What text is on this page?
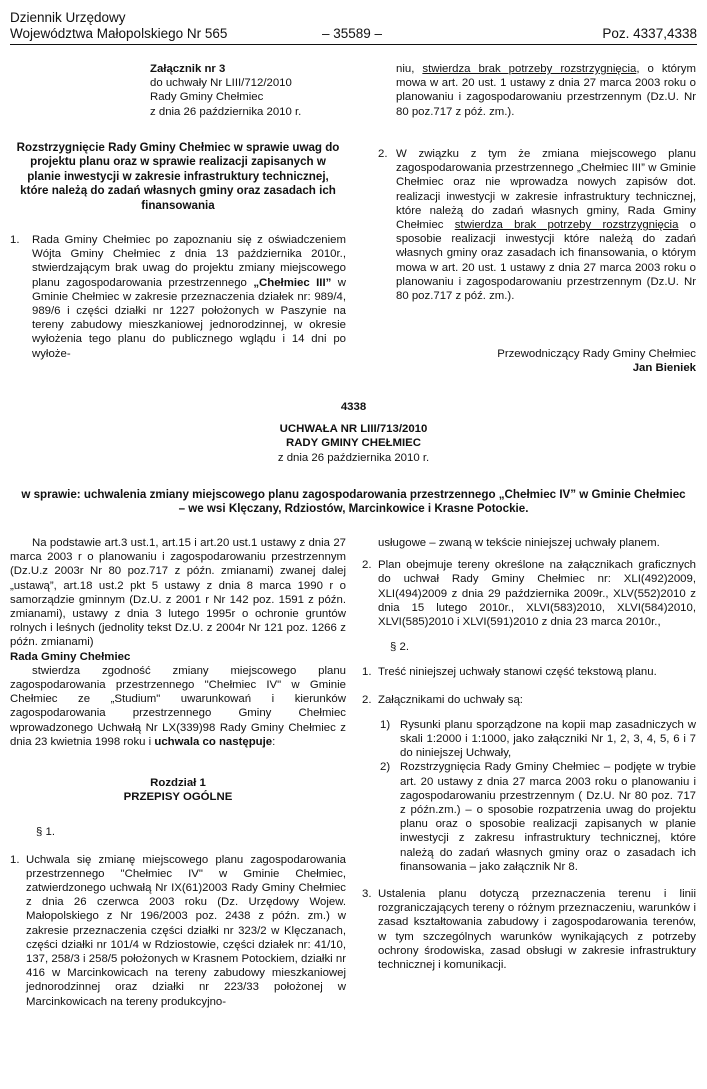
Dziennik Urzędowy
Województwa Małopolskiego Nr 565	– 35589 –	Poz. 4337,4338

Załącznik nr 3

do uchwały Nr LIII/712/2010

Rady Gminy Chełmiec

z dnia 26 października 2010 r.

Rozstrzygnięcie Rady Gminy Chełmiec w sprawie uwag do projektu planu oraz w sprawie realizacji zapisanych w planie inwestycji w zakresie infrastruktury technicznej, które należą do zadań własnych gminy oraz zasadach ich finansowania
1.	Rada Gminy Chełmiec po zapoznaniu się z oświadczeniem Wójta Gminy Chełmiec z dnia 13 października 2010r., stwierdzającym brak uwag do projektu zmiany miejscowego planu zagospodarowania przestrzennego „Chełmiec III” w Gminie Chełmiec w zakresie przeznaczenia działek nr: 989/4, 989/6 i części działki nr 1227 położonych w Paszynie na tereny zabudowy mieszkaniowej jednorodzinnej, w okresie wyłożenia tego planu do publicznego wglądu i 14 dni po wyłoże-

niu, stwierdza brak potrzeby rozstrzygnięcia, o którym mowa w art. 20 ust. 1 ustawy z dnia 27 marca 2003 roku o planowaniu i zagospodarowaniu przestrzennym (Dz.U. Nr 80 poz.717 z póź. zm.).

2. W związku z tym że zmiana miejscowego planu zagospodarowania przestrzennego „Chełmiec III” w Gminie Chełmiec oraz nie wprowadza nowych zapisów dot. realizacji inwestycji w zakresie infrastruktury technicznej, które należą do zadań własnych gminy, Rada Gminy Chełmiec stwierdza brak potrzeby rozstrzygnięcia o sposobie realizacji inwestycji które należą do zadań własnych gminy oraz zasadach ich finansowania, o którym mowa w art. 20 ust. 1 ustawy z dnia 27 marca 2003 roku o planowaniu i zagospodarowaniu przestrzennym (Dz.U. Nr 80 poz.717 z póź. zm.).

Przewodniczący Rady Gminy Chełmiec

Jan Bieniek

4338

UCHWAŁA NR LIII/713/2010

RADY GMINY CHEŁMIEC

z dnia 26 października 2010 r.

w sprawie: uchwalenia zmiany miejscowego planu zagospodarowania przestrzennego „Chełmiec IV” w Gminie Chełmiec – we wsi Klęczany, Rdziostów, Marcinkowice i Krasne Potockie.

Na podstawie art.3 ust.1, art.15 i art.20 ust.1 ustawy z dnia 27 marca 2003 r o planowaniu i zagospodarowaniu przestrzennym (Dz.U.z 2003r Nr 80 poz.717 z późn. zmianami) zwanej dalej „ustawą”, art.18 ust.2 pkt 5 ustawy z dnia 8 marca 1990 r o samorządzie gminnym (Dz.U. z 2001 r Nr 142 poz. 1591 z późn. zmianami), ustawy z dnia 3 lutego 1995r o ochronie gruntów rolnych i leśnych (jednolity tekst Dz.U. z 2004r Nr 121 poz. 1266 z późn. zmianami)

Rada Gminy Chełmiec

stwierdza zgodność zmiany miejscowego planu zagospodarowania przestrzennego "Chełmiec IV" w Gminie Chełmiec ze „Studium" uwarunkowań i kierunków zagospodarowania przestrzennego Gminy Chełmiec wprowadzonego Uchwałą Nr LX(339)98 Rady Gminy Chełmiec z dnia 23 kwietnia 1998 roku i uchwala co następuje:

Rozdział 1

PRZEPISY OGÓLNE

§ 1.

1. Uchwala się zmianę miejscowego planu zagospodarowania przestrzennego "Chełmiec IV" w Gminie Chełmiec, zatwierdzonego uchwałą Nr IX(61)2003 Rady Gminy Chełmiec z dnia 26 czerwca 2003 roku (Dz. Urzędowy Wojew. Małopolskiego z Nr 196/2003 poz. 2438 z późn. zm.) w zakresie przeznaczenia części działki nr 323/2 w Klęczanach, części działki nr 101/4 w Rdziostowie, części działek nr: 41/10, 137, 258/3 i 258/5 położonych w Krasnem Potockiem, działki nr 416 w Marcinkowicach na tereny zabudowy mieszkaniowej jednorodzinnej oraz działki nr 223/33 położonej w Marcinkowicach na tereny produkcyjno-

usługowe – zwaną w tekście niniejszej uchwały planem.

2. Plan obejmuje tereny określone na załącznikach graficznych do uchwał Rady Gminy Chełmiec nr: XLI(492)2009, XLI(494)2009 z dnia 29 października 2009r., XLV(552)2010 z dnia 15 lutego 2010r., XLVI(583)2010, XLVI(584)2010, XLVI(585)2010 i XLVI(591)2010 z dnia 23 marca 2010r.,

§ 2.

1. Treść niniejszej uchwały stanowi część tekstową planu.

2. Załącznikami do uchwały są:

1) Rysunki planu sporządzone na kopii map zasadniczych w skali 1:2000 i 1:1000, jako załączniki Nr 1, 2, 3, 4, 5, 6 i 7 do niniejszej Uchwały,

2) Rozstrzygnięcia Rady Gminy Chełmiec – podjęte w trybie art. 20 ustawy z dnia 27 marca 2003 roku o planowaniu i zagospodarowaniu przestrzennym ( Dz.U. Nr 80 poz. 717 z późn.zm.) – o sposobie rozpatrzenia uwag do projektu planu oraz o sposobie realizacji zapisanych w planie inwestycji z zakresu infrastruktury technicznej, które należą do zadań własnych gminy oraz o zasadach ich finansowania – jako załącznik Nr 8.

3. Ustalenia planu dotyczą przeznaczenia terenu i linii rozgraniczających tereny o różnym przeznaczeniu, warunków i zasad kształtowania zabudowy i zagospodarowania terenów, w tym szczególnych warunków wynikających z potrzeby ochrony środowiska, zasad obsługi w zakresie infrastruktury technicznej i komunikacji.
